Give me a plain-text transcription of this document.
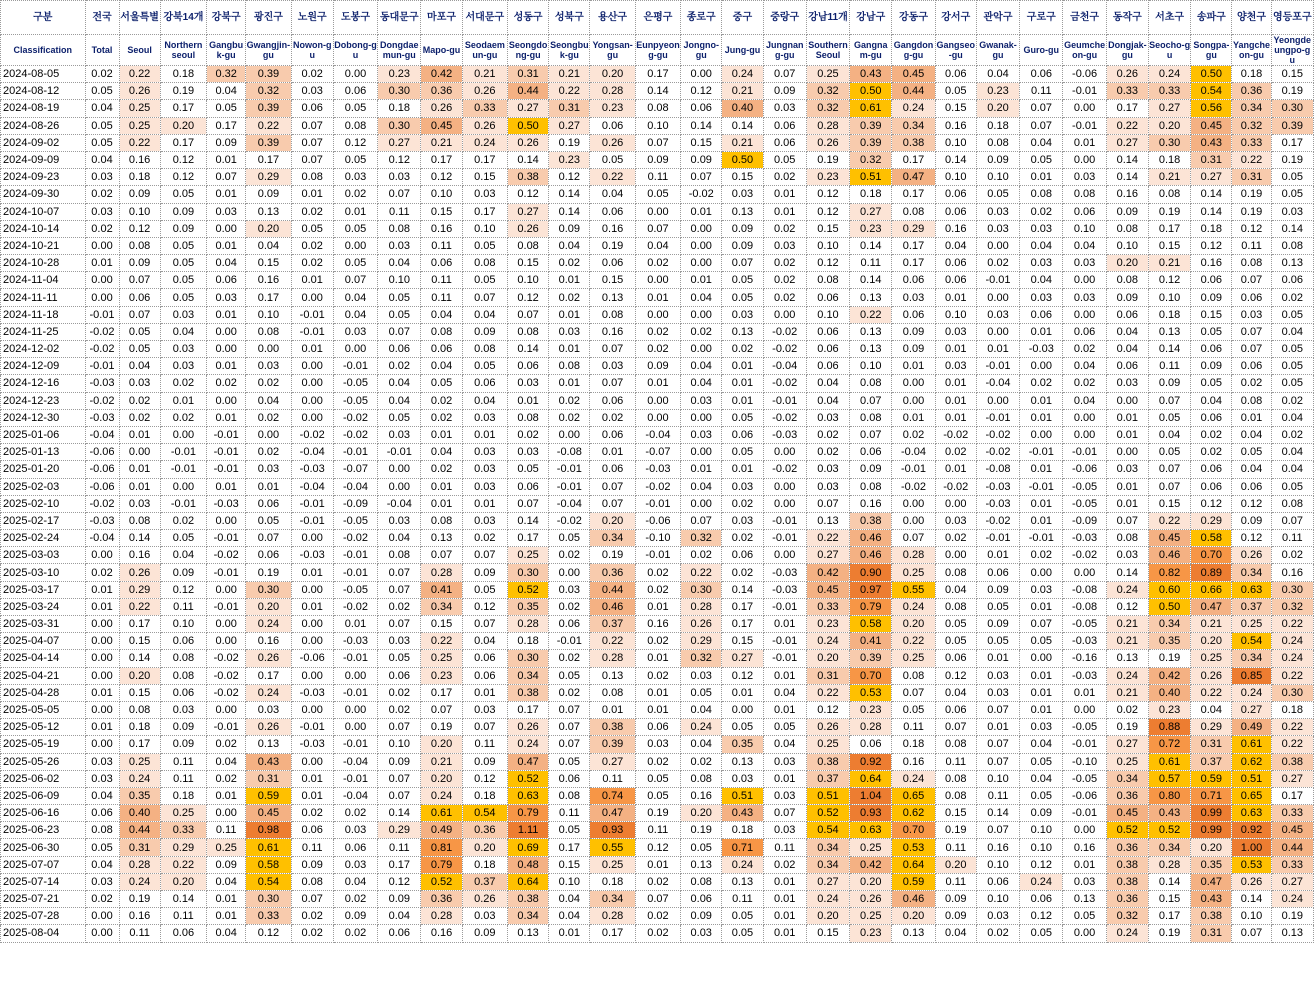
구분	전국	서울특별	강북14개	강북구	광진구	노원구	도봉구	동대문구	마포구	서대문구	성동구	성북구	용산구	은평구	종로구	중구	중랑구	강남11개	강남구	강동구	강서구	관악구	구로구	금천구	동작구	서초구	송파구	양천구	영등포구
Classification	Total	Seoul	Northern seoul	Gangbuk-gu	Gwangjin-gu	Nowon-gu	Dobong-gu	Dongdaemun-gu	Mapo-gu	Seodaemun-gu	Seongdong-gu	Seongbuk-gu	Yongsan-gu	Eunpyeong-gu	Jongno-gu	Jung-gu	Jungnang-gu	Southern Seoul	Gangnam-gu	Gangdong-gu	Gangseo-gu	Gwanak-gu	Guro-gu	Geumcheon-gu	Dongjak-gu	Seocho-gu	Songpa-gu	Yangcheon-gu	Yeongdeungpo-gu
2024-08-05	0.02	0.22	0.18	0.32	0.39	0.02	0.00	0.23	0.42	0.21	0.31	0.21	0.20	0.17	0.00	0.24	0.07	0.25	0.43	0.45	0.06	0.04	0.06	-0.06	0.26	0.24	0.50	0.18	0.15
2024-08-12	0.05	0.26	0.19	0.04	0.32	0.03	0.06	0.30	0.36	0.26	0.44	0.22	0.28	0.14	0.12	0.21	0.09	0.32	0.50	0.44	0.05	0.23	0.11	-0.01	0.33	0.33	0.54	0.36	0.19
2024-08-19	0.04	0.25	0.17	0.05	0.39	0.06	0.05	0.18	0.26	0.33	0.27	0.31	0.23	0.08	0.06	0.40	0.03	0.32	0.61	0.24	0.15	0.20	0.07	0.00	0.17	0.27	0.56	0.34	0.30
2024-08-26	0.05	0.25	0.20	0.17	0.22	0.07	0.08	0.30	0.45	0.26	0.50	0.27	0.06	0.10	0.14	0.14	0.06	0.28	0.39	0.34	0.16	0.18	0.07	-0.01	0.22	0.20	0.45	0.32	0.39
2024-09-02	0.05	0.22	0.17	0.09	0.39	0.07	0.12	0.27	0.21	0.24	0.26	0.19	0.26	0.07	0.15	0.21	0.06	0.26	0.39	0.38	0.10	0.08	0.04	0.01	0.27	0.30	0.43	0.33	0.17
2024-09-09	0.04	0.16	0.12	0.01	0.17	0.07	0.05	0.12	0.17	0.17	0.14	0.23	0.05	0.09	0.09	0.50	0.05	0.19	0.32	0.17	0.14	0.09	0.05	0.00	0.14	0.18	0.31	0.22	0.19
2024-09-23	0.03	0.18	0.12	0.07	0.29	0.08	0.03	0.03	0.12	0.15	0.38	0.12	0.22	0.11	0.07	0.15	0.02	0.23	0.51	0.47	0.10	0.10	0.01	0.03	0.14	0.21	0.27	0.31	0.05
2024-09-30	0.02	0.09	0.05	0.01	0.09	0.01	0.02	0.07	0.10	0.03	0.12	0.14	0.04	0.05	-0.02	0.03	0.01	0.12	0.18	0.17	0.06	0.05	0.08	0.08	0.16	0.08	0.14	0.19	0.05
2024-10-07	0.03	0.10	0.09	0.03	0.13	0.02	0.01	0.11	0.15	0.17	0.27	0.14	0.06	0.00	0.01	0.13	0.01	0.12	0.27	0.08	0.06	0.03	0.02	0.06	0.09	0.19	0.14	0.19	0.03
2024-10-14	0.02	0.12	0.09	0.00	0.20	0.05	0.05	0.08	0.16	0.10	0.26	0.09	0.16	0.07	0.00	0.09	0.02	0.15	0.23	0.29	0.16	0.03	0.03	0.10	0.08	0.17	0.18	0.12	0.14
2024-10-21	0.00	0.08	0.05	0.01	0.04	0.02	0.00	0.03	0.11	0.05	0.08	0.04	0.19	0.04	0.00	0.09	0.03	0.10	0.14	0.17	0.04	0.00	0.04	0.04	0.10	0.15	0.12	0.11	0.08
2024-10-28	0.01	0.09	0.05	0.04	0.15	0.02	0.05	0.04	0.06	0.08	0.15	0.02	0.06	0.02	0.00	0.07	0.02	0.12	0.11	0.17	0.06	0.02	0.03	0.03	0.20	0.21	0.16	0.08	0.13
2024-11-04	0.00	0.07	0.05	0.06	0.16	0.01	0.07	0.10	0.11	0.05	0.10	0.01	0.15	0.00	0.01	0.05	0.02	0.08	0.14	0.06	0.06	-0.01	0.04	0.00	0.08	0.12	0.06	0.07	0.06
2024-11-11	0.00	0.06	0.05	0.03	0.17	0.00	0.04	0.05	0.11	0.07	0.12	0.02	0.13	0.01	0.04	0.05	0.02	0.06	0.13	0.03	0.01	0.00	0.03	0.03	0.09	0.10	0.09	0.06	0.02
2024-11-18	-0.01	0.07	0.03	0.01	0.10	-0.01	0.04	0.05	0.04	0.04	0.07	0.01	0.08	0.00	0.00	0.03	0.00	0.10	0.22	0.06	0.10	0.03	0.06	0.00	0.06	0.18	0.15	0.03	0.05
2024-11-25	-0.02	0.05	0.04	0.00	0.08	-0.01	0.03	0.07	0.08	0.09	0.08	0.03	0.16	0.02	0.02	0.13	-0.02	0.06	0.13	0.09	0.03	0.00	0.01	0.06	0.04	0.13	0.05	0.07	0.04
2024-12-02	-0.02	0.05	0.03	0.00	0.00	0.01	0.00	0.06	0.06	0.08	0.14	0.01	0.07	0.02	0.00	0.02	-0.02	0.06	0.13	0.09	0.01	0.01	-0.03	0.02	0.04	0.14	0.06	0.07	0.05
2024-12-09	-0.01	0.04	0.03	0.01	0.03	0.00	-0.01	0.02	0.04	0.05	0.06	0.08	0.03	0.09	0.04	0.01	-0.04	0.06	0.10	0.01	0.03	-0.01	0.00	0.04	0.06	0.11	0.09	0.06	0.05
2024-12-16	-0.03	0.03	0.02	0.02	0.02	0.00	-0.05	0.04	0.05	0.06	0.03	0.01	0.07	0.01	0.04	0.01	-0.02	0.04	0.08	0.00	0.01	-0.04	0.02	0.02	0.03	0.09	0.05	0.02	0.05
2024-12-23	-0.02	0.02	0.01	0.00	0.04	0.00	-0.05	0.04	0.02	0.04	0.01	0.02	0.06	0.00	0.03	0.01	-0.01	0.04	0.07	0.00	0.01	0.00	0.01	0.04	0.00	0.07	0.04	0.08	0.02
2024-12-30	-0.03	0.02	0.02	0.01	0.02	0.00	-0.02	0.05	0.02	0.03	0.08	0.02	0.02	0.00	0.00	0.05	-0.02	0.03	0.08	0.01	0.01	-0.01	0.01	0.00	0.01	0.05	0.06	0.01	0.04
2025-01-06	-0.04	0.01	0.00	-0.01	0.00	-0.02	-0.02	0.03	0.01	0.01	0.02	0.00	0.06	-0.04	0.03	0.06	-0.03	0.02	0.07	0.02	-0.02	-0.02	0.00	0.00	0.01	0.04	0.02	0.04	0.02
2025-01-13	-0.06	0.00	-0.01	-0.01	0.02	-0.04	-0.01	-0.01	0.04	0.03	0.03	-0.08	0.01	-0.07	0.00	0.05	0.00	0.02	0.06	-0.04	0.02	-0.02	-0.01	-0.01	0.00	0.05	0.02	0.05	0.04
2025-01-20	-0.06	0.01	-0.01	-0.01	0.03	-0.03	-0.07	0.00	0.02	0.03	0.05	-0.01	0.06	-0.03	0.01	0.01	-0.02	0.03	0.09	-0.01	0.01	-0.08	0.01	-0.06	0.03	0.07	0.06	0.04	0.04
2025-02-03	-0.06	0.01	0.00	0.01	0.01	-0.04	-0.04	0.00	0.01	0.03	0.06	-0.01	0.07	-0.02	0.04	0.03	0.00	0.03	0.08	-0.02	-0.02	-0.03	-0.01	-0.05	0.01	0.07	0.06	0.06	0.05
2025-02-10	-0.02	0.03	-0.01	-0.03	0.06	-0.01	-0.09	-0.04	0.01	0.01	0.07	-0.04	0.07	-0.01	0.00	0.02	0.00	0.07	0.16	0.00	0.00	-0.03	0.01	-0.05	0.01	0.15	0.12	0.12	0.08
2025-02-17	-0.03	0.08	0.02	0.00	0.05	-0.01	-0.05	0.03	0.08	0.03	0.14	-0.02	0.20	-0.06	0.07	0.03	-0.01	0.13	0.38	0.00	0.03	-0.02	0.01	-0.09	0.07	0.22	0.29	0.09	0.07
2025-02-24	-0.04	0.14	0.05	-0.01	0.07	0.00	-0.02	0.04	0.13	0.02	0.17	0.05	0.34	-0.10	0.32	0.02	-0.01	0.22	0.46	0.07	0.02	-0.01	-0.01	-0.03	0.08	0.45	0.58	0.12	0.11
2025-03-03	0.00	0.16	0.04	-0.02	0.06	-0.03	-0.01	0.08	0.07	0.07	0.25	0.02	0.19	-0.01	0.02	0.06	0.00	0.27	0.46	0.28	0.00	0.01	0.02	-0.02	0.03	0.46	0.70	0.26	0.02
2025-03-10	0.02	0.26	0.09	-0.01	0.19	0.01	-0.01	0.07	0.28	0.09	0.30	0.00	0.36	0.02	0.22	0.02	-0.03	0.42	0.90	0.25	0.08	0.06	0.00	0.00	0.14	0.82	0.89	0.34	0.16
2025-03-17	0.01	0.29	0.12	0.00	0.30	0.00	-0.05	0.07	0.41	0.05	0.52	0.03	0.44	0.02	0.30	0.14	-0.03	0.45	0.97	0.55	0.04	0.09	0.03	-0.08	0.24	0.60	0.66	0.63	0.30
2025-03-24	0.01	0.22	0.11	-0.01	0.20	0.01	-0.02	0.02	0.34	0.12	0.35	0.02	0.46	0.01	0.28	0.17	-0.01	0.33	0.79	0.24	0.08	0.05	0.01	-0.08	0.12	0.50	0.47	0.37	0.32
2025-03-31	0.00	0.17	0.10	0.00	0.24	0.00	0.01	0.07	0.15	0.07	0.28	0.06	0.37	0.16	0.26	0.17	0.01	0.23	0.58	0.20	0.05	0.09	0.07	-0.05	0.21	0.34	0.21	0.25	0.22
2025-04-07	0.00	0.15	0.06	0.00	0.16	0.00	-0.03	0.03	0.22	0.04	0.18	-0.01	0.22	0.02	0.29	0.15	-0.01	0.24	0.41	0.22	0.05	0.05	0.05	-0.03	0.21	0.35	0.20	0.54	0.24
2025-04-14	0.00	0.14	0.08	-0.02	0.26	-0.06	-0.01	0.05	0.25	0.06	0.30	0.02	0.28	0.01	0.32	0.27	-0.01	0.20	0.39	0.25	0.06	0.01	0.00	-0.16	0.13	0.19	0.25	0.34	0.24
2025-04-21	0.00	0.20	0.08	-0.02	0.17	0.00	0.00	0.06	0.23	0.06	0.34	0.05	0.13	0.02	0.03	0.12	0.01	0.31	0.70	0.08	0.12	0.03	0.01	-0.03	0.24	0.42	0.26	0.85	0.22
2025-04-28	0.01	0.15	0.06	-0.02	0.24	-0.03	-0.01	0.02	0.17	0.01	0.38	0.02	0.08	0.01	0.05	0.01	0.04	0.22	0.53	0.07	0.04	0.03	0.01	0.01	0.21	0.40	0.22	0.24	0.30
2025-05-05	0.00	0.08	0.03	0.00	0.03	0.00	0.00	0.02	0.07	0.03	0.17	0.07	0.01	0.01	0.04	0.00	0.01	0.12	0.23	0.05	0.06	0.07	0.01	0.00	0.02	0.23	0.04	0.27	0.18
2025-05-12	0.01	0.18	0.09	-0.01	0.26	-0.01	0.00	0.07	0.19	0.07	0.26	0.07	0.38	0.06	0.24	0.05	0.05	0.26	0.28	0.11	0.07	0.01	0.03	-0.05	0.19	0.88	0.29	0.49	0.22
2025-05-19	0.00	0.17	0.09	0.02	0.13	-0.03	-0.01	0.10	0.20	0.11	0.24	0.07	0.39	0.03	0.04	0.35	0.04	0.25	0.06	0.18	0.08	0.07	0.04	-0.01	0.27	0.72	0.31	0.61	0.22
2025-05-26	0.03	0.25	0.11	0.04	0.43	0.00	-0.04	0.09	0.21	0.09	0.47	0.05	0.27	0.02	0.02	0.13	0.03	0.38	0.92	0.16	0.11	0.07	0.05	-0.10	0.25	0.61	0.37	0.62	0.38
2025-06-02	0.03	0.24	0.11	0.02	0.31	0.01	-0.01	0.07	0.20	0.12	0.52	0.06	0.11	0.05	0.08	0.03	0.01	0.37	0.64	0.24	0.08	0.10	0.04	-0.05	0.34	0.57	0.59	0.51	0.27
2025-06-09	0.04	0.35	0.18	0.01	0.59	0.01	-0.04	0.07	0.24	0.18	0.63	0.08	0.74	0.05	0.16	0.51	0.03	0.51	1.04	0.65	0.08	0.11	0.05	-0.06	0.36	0.80	0.71	0.65	0.17
2025-06-16	0.06	0.40	0.25	0.00	0.45	0.02	0.02	0.14	0.61	0.54	0.79	0.11	0.47	0.19	0.20	0.43	0.07	0.52	0.93	0.62	0.15	0.14	0.09	-0.01	0.45	0.43	0.99	0.63	0.33
2025-06-23	0.08	0.44	0.33	0.11	0.98	0.06	0.03	0.29	0.49	0.36	1.11	0.05	0.93	0.11	0.19	0.18	0.03	0.54	0.63	0.70	0.19	0.07	0.10	0.00	0.52	0.52	0.99	0.92	0.45
2025-06-30	0.05	0.31	0.29	0.25	0.61	0.11	0.06	0.11	0.81	0.20	0.69	0.17	0.55	0.12	0.05	0.71	0.11	0.34	0.25	0.53	0.11	0.16	0.10	0.16	0.36	0.34	0.20	1.00	0.44
2025-07-07	0.04	0.28	0.22	0.09	0.58	0.09	0.03	0.17	0.79	0.18	0.48	0.15	0.25	0.01	0.13	0.24	0.02	0.34	0.42	0.64	0.20	0.10	0.12	0.01	0.38	0.28	0.35	0.53	0.33
2025-07-14	0.03	0.24	0.20	0.04	0.54	0.08	0.04	0.12	0.52	0.37	0.64	0.10	0.18	0.02	0.08	0.13	0.01	0.27	0.20	0.59	0.11	0.06	0.24	0.03	0.38	0.14	0.47	0.26	0.27
2025-07-21	0.02	0.19	0.14	0.01	0.30	0.07	0.02	0.09	0.36	0.26	0.38	0.04	0.34	0.07	0.06	0.11	0.01	0.24	0.26	0.46	0.09	0.10	0.06	0.13	0.36	0.15	0.43	0.14	0.24
2025-07-28	0.00	0.16	0.11	0.01	0.33	0.02	0.09	0.04	0.28	0.03	0.34	0.04	0.28	0.02	0.09	0.05	0.01	0.20	0.25	0.20	0.09	0.03	0.12	0.05	0.32	0.17	0.38	0.10	0.19
2025-08-04	0.00	0.11	0.06	0.04	0.12	0.02	0.02	0.06	0.16	0.09	0.13	0.01	0.17	0.02	0.03	0.05	0.01	0.15	0.23	0.13	0.04	0.02	0.05	0.00	0.24	0.19	0.31	0.07	0.13
